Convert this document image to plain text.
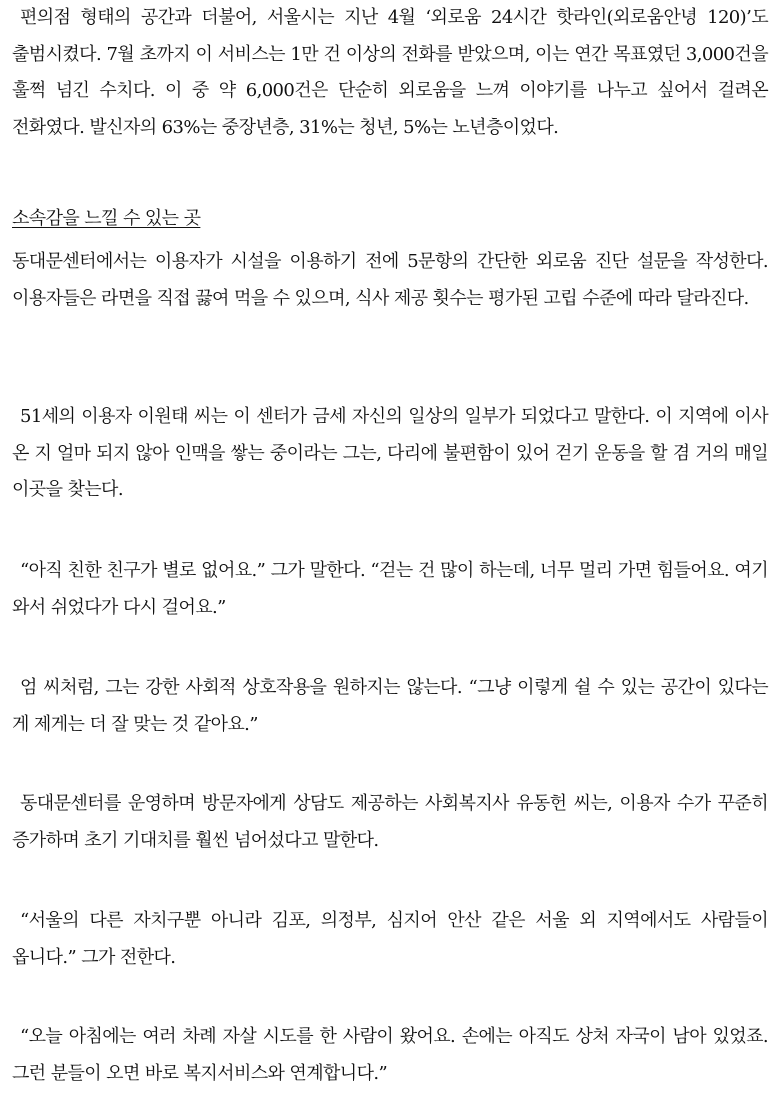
편의점 형태의 공간과 더불어, 서울시는 지난 4월 ‘외로움 24시간 핫라인(외로움안녕 120)’도 출범시켰다. 7월 초까지 이 서비스는 1만 건 이상의 전화를 받았으며, 이는 연간 목표였던 3,000건을 훌쩍 넘긴 수치다. 이 중 약 6,000건은 단순히 외로움을 느껴 이야기를 나누고 싶어서 걸려온 전화였다. 발신자의 63%는 중장년층, 31%는 청년, 5%는 노년층이었다.

소속감을 느낄 수 있는 곳

동대문센터에서는 이용자가 시설을 이용하기 전에 5문항의 간단한 외로움 진단 설문을 작성한다. 이용자들은 라면을 직접 끓여 먹을 수 있으며, 식사 제공 횟수는 평가된 고립 수준에 따라 달라진다.

51세의 이용자 이원태 씨는 이 센터가 금세 자신의 일상의 일부가 되었다고 말한다. 이 지역에 이사 온 지 얼마 되지 않아 인맥을 쌓는 중이라는 그는, 다리에 불편함이 있어 걷기 운동을 할 겸 거의 매일 이곳을 찾는다.

“아직 친한 친구가 별로 없어요.” 그가 말한다. “걷는 건 많이 하는데, 너무 멀리 가면 힘들어요. 여기 와서 쉬었다가 다시 걸어요.”

엄 씨처럼, 그는 강한 사회적 상호작용을 원하지는 않는다. “그냥 이렇게 쉴 수 있는 공간이 있다는 게 제게는 더 잘 맞는 것 같아요.”

동대문센터를 운영하며 방문자에게 상담도 제공하는 사회복지사 유동헌 씨는, 이용자 수가 꾸준히 증가하며 초기 기대치를 훨씬 넘어섰다고 말한다.

“서울의 다른 자치구뿐 아니라 김포, 의정부, 심지어 안산 같은 서울 외 지역에서도 사람들이 옵니다.” 그가 전한다.

“오늘 아침에는 여러 차례 자살 시도를 한 사람이 왔어요. 손에는 아직도 상처 자국이 남아 있었죠. 그런 분들이 오면 바로 복지서비스와 연계합니다.”
